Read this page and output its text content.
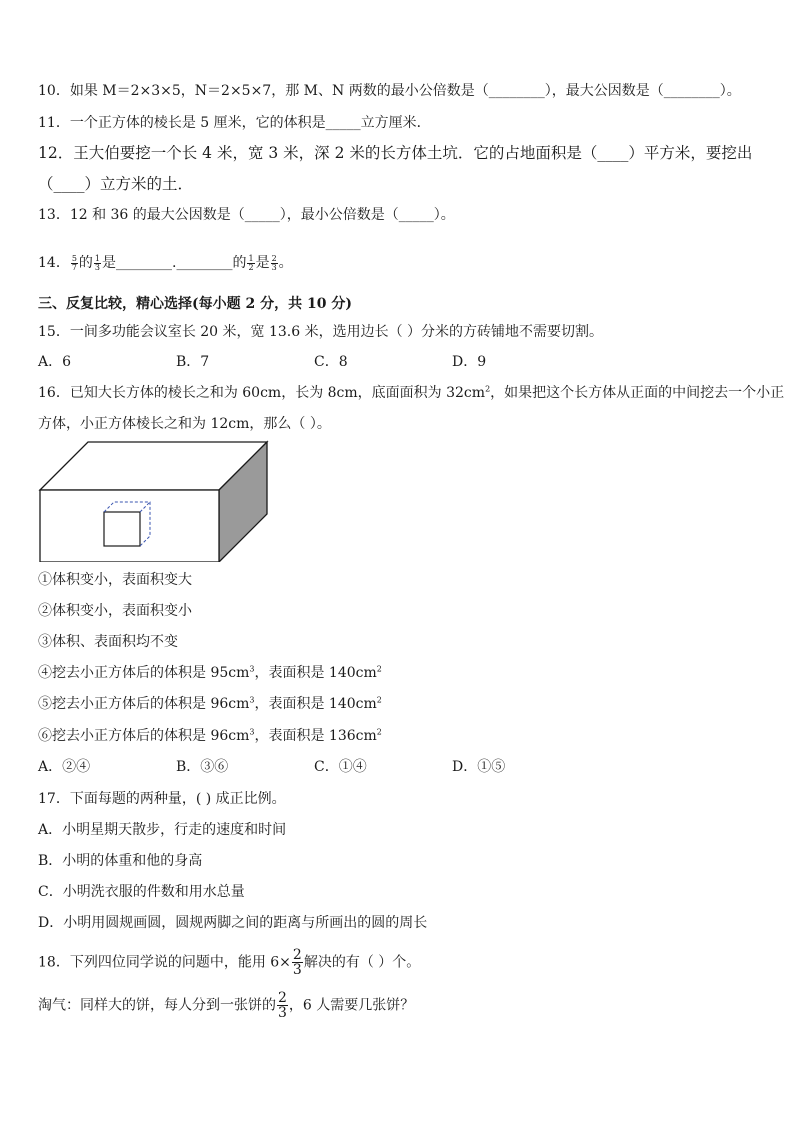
10．如果 M＝2×3×5，N＝2×5×7，那 M、N 两数的最小公倍数是（________），最大公因数是（________）。
11．一个正方体的棱长是 5 厘米，它的体积是_____立方厘米．
12．王大伯要挖一个长 4 米，宽 3 米，深 2 米的长方体土坑．它的占地面积是（____）平方米，要挖出
（____）立方米的土．
13．12 和 36 的最大公因数是（_____），最小公倍数是（_____）。
14． $\frac{5}{7}$ 的 $\frac{1}{3}$ 是________.________的 $\frac{1}{2}$ 是 $\frac{2}{3}$ 。
三、反复比较，精心选择(每小题 2 分，共 10 分)
15．一间多功能会议室长 20 米，宽 13.6 米，选用边长（ ）分米的方砖铺地不需要切割。
A．6	B．7	C．8	D．9
16．已知大长方体的棱长之和为 60cm，长为 8cm，底面面积为 $32cm^2$，如果把这个长方体从正面的中间挖去一个小正
方体，小正方体棱长之和为 12cm，那么（ ）。
①体积变小，表面积变大
②体积变小，表面积变小
③体积、表面积均不变
④挖去小正方体后的体积是 $95cm^3$，表面积是 $140cm^2$
⑤挖去小正方体后的体积是 $96cm^3$，表面积是 $140cm^2$
⑥挖去小正方体后的体积是 $96cm^3$，表面积是 $136cm^2$
A．②④	B．③⑥	C．①④	D．①⑤
17．下面每题的两种量，( ) 成正比例。
A．小明星期天散步，行走的速度和时间
B．小明的体重和他的身高
C．小明洗衣服的件数和用水总量
D．小明用圆规画圆，圆规两脚之间的距离与所画出的圆的周长
18．下列四位同学说的问题中，能用 $6\times \frac{2}{3}$ 解决的有（ ）个。
淘气：同样大的饼，每人分到一张饼的 $\frac{2}{3}$ ，6 人需要几张饼？
